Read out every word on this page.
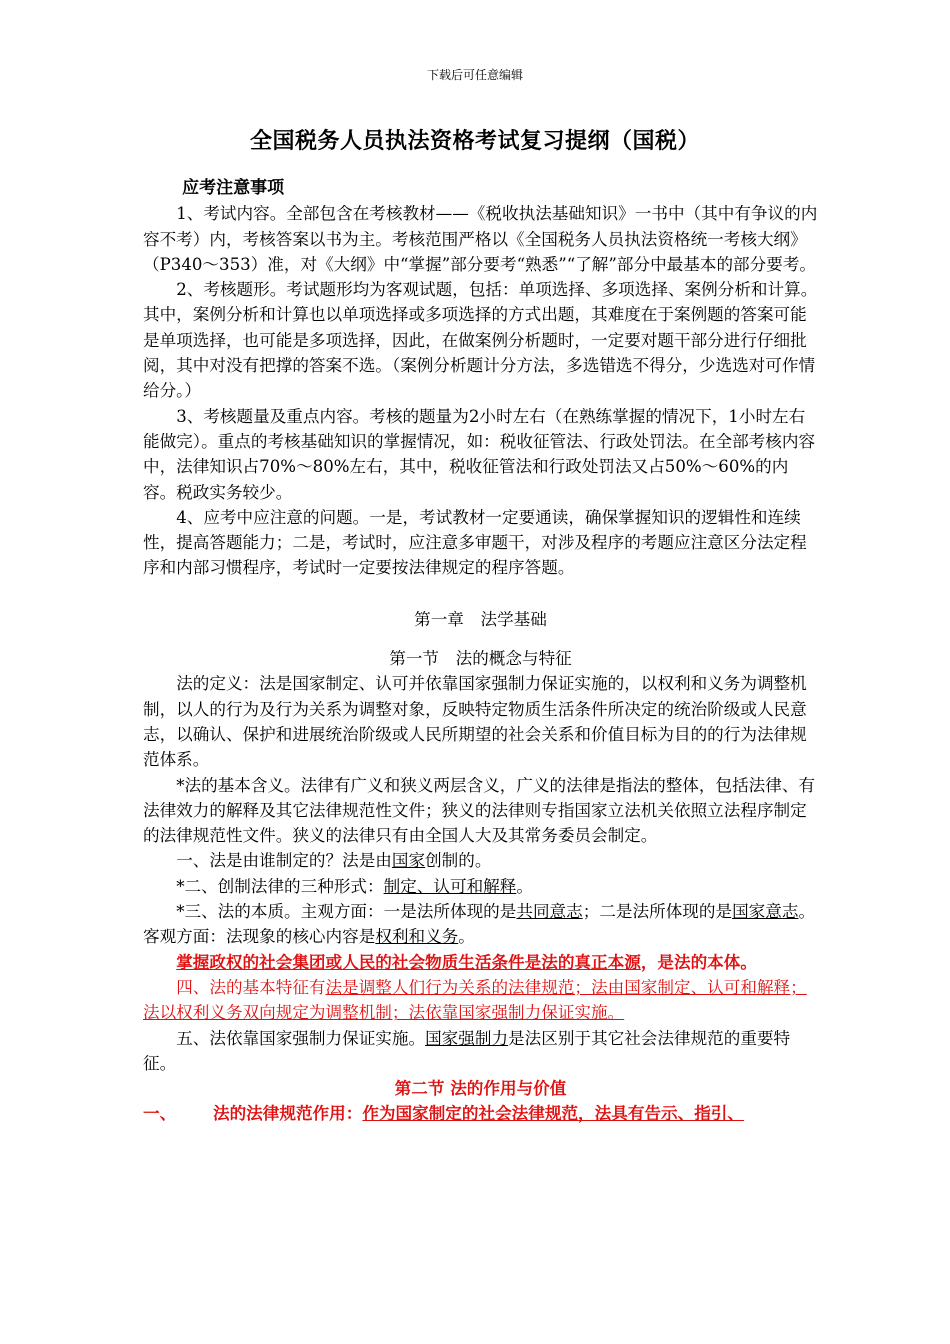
下载后可任意编辑
全国税务人员执法资格考试复习提纲（国税）

应考注意事项

1、考试内容。全部包含在考核教材——《税收执法基础知识》一书中（其中有争议的内容不考）内，考核答案以书为主。考核范围严格以《全国税务人员执法资格统一考核大纲》（P340～353）准，对《大纲》中“掌握”部分要考“熟悉”“了解”部分中最基本的部分要考。

2、考核题形。考试题形均为客观试题，包括：单项选择、多项选择、案例分析和计算。其中，案例分析和计算也以单项选择或多项选择的方式出题，其难度在于案例题的答案可能是单项选择，也可能是多项选择，因此，在做案例分析题时，一定要对题干部分进行仔细批阅，其中对没有把撑的答案不选。（案例分析题计分方法，多选错选不得分，少选选对可作情给分。）

3、考核题量及重点内容。考核的题量为2小时左右（在熟练掌握的情况下，1小时左右能做完）。重点的考核基础知识的掌握情况，如：税收征管法、行政处罚法。在全部考核内容中，法律知识占70%～80%左右，其中，税收征管法和行政处罚法又占50%～60%的内容。税政实务较少。

4、应考中应注意的问题。一是，考试教材一定要通读，确保掌握知识的逻辑性和连续性，提高答题能力；二是，考试时，应注意多审题干，对涉及程序的考题应注意区分法定程序和内部习惯程序，考试时一定要按法律规定的程序答题。

第一章　法学基础

第一节　法的概念与特征

法的定义：法是国家制定、认可并依靠国家强制力保证实施的，以权利和义务为调整机制，以人的行为及行为关系为调整对象，反映特定物质生活条件所决定的统治阶级或人民意志，以确认、保护和进展统治阶级或人民所期望的社会关系和价值目标为目的的行为法律规范体系。

*法的基本含义。法律有广义和狭义两层含义，广义的法律是指法的整体，包括法律、有法律效力的解释及其它法律规范性文件；狭义的法律则专指国家立法机关依照立法程序制定的法律规范性文件。狭义的法律只有由全国人大及其常务委员会制定。

一、法是由谁制定的？法是由国家创制的。

*二、创制法律的三种形式：制定、认可和解释。

*三、法的本质。主观方面：一是法所体现的是共同意志；二是法所体现的是国家意志。客观方面：法现象的核心内容是权利和义务。

掌握政权的社会集团或人民的社会物质生活条件是法的真正本源，是法的本体。

四、法的基本特征有法是调整人们行为关系的法律规范；法由国家制定、认可和解释；法以权利义务双向规定为调整机制；法依靠国家强制力保证实施。

五、法依靠国家强制力保证实施。国家强制力是法区别于其它社会法律规范的重要特征。

第二节 法的作用与价值

一、	法的法律规范作用：作为国家制定的社会法律规范，法具有告示、指引、
